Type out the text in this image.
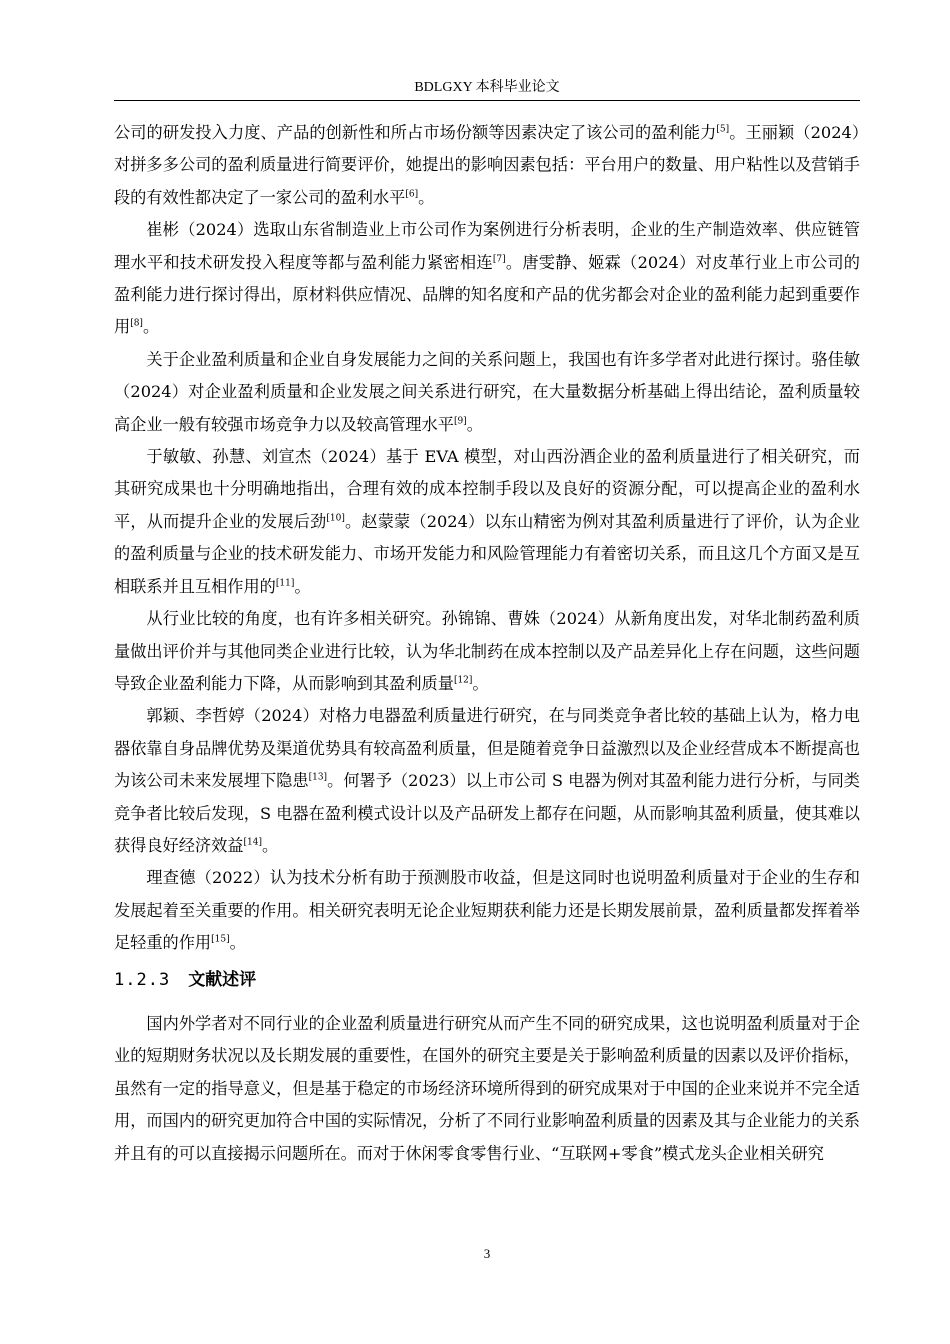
BDLGXY 本科毕业论文

公司的研发投入力度、产品的创新性和所占市场份额等因素决定了该公司的盈利能力[5]。王丽颖（2024）对拼多多公司的盈利质量进行简要评价，她提出的影响因素包括：平台用户的数量、用户粘性以及营销手段的有效性都决定了一家公司的盈利水平[6]。

崔彬（2024）选取山东省制造业上市公司作为案例进行分析表明，企业的生产制造效率、供应链管理水平和技术研发投入程度等都与盈利能力紧密相连[7]。唐雯静、姬霖（2024）对皮革行业上市公司的盈利能力进行探讨得出，原材料供应情况、品牌的知名度和产品的优劣都会对企业的盈利能力起到重要作用[8]。

关于企业盈利质量和企业自身发展能力之间的关系问题上，我国也有许多学者对此进行探讨。骆佳敏（2024）对企业盈利质量和企业发展之间关系进行研究，在大量数据分析基础上得出结论，盈利质量较高企业一般有较强市场竞争力以及较高管理水平[9]。

于敏敏、孙慧、刘宣杰（2024）基于 EVA 模型，对山西汾酒企业的盈利质量进行了相关研究，而其研究成果也十分明确地指出，合理有效的成本控制手段以及良好的资源分配，可以提高企业的盈利水平，从而提升企业的发展后劲[10]。赵蒙蒙（2024）以东山精密为例对其盈利质量进行了评价，认为企业的盈利质量与企业的技术研发能力、市场开发能力和风险管理能力有着密切关系，而且这几个方面又是互相联系并且互相作用的[11]。

从行业比较的角度，也有许多相关研究。孙锦锦、曹姝（2024）从新角度出发，对华北制药盈利质量做出评价并与其他同类企业进行比较，认为华北制药在成本控制以及产品差异化上存在问题，这些问题导致企业盈利能力下降，从而影响到其盈利质量[12]。

郭颖、李哲婷（2024）对格力电器盈利质量进行研究，在与同类竞争者比较的基础上认为，格力电器依靠自身品牌优势及渠道优势具有较高盈利质量，但是随着竞争日益激烈以及企业经营成本不断提高也为该公司未来发展埋下隐患[13]。何署予（2023）以上市公司 S 电器为例对其盈利能力进行分析，与同类竞争者比较后发现，S 电器在盈利模式设计以及产品研发上都存在问题，从而影响其盈利质量，使其难以获得良好经济效益[14]。

理查德（2022）认为技术分析有助于预测股市收益，但是这同时也说明盈利质量对于企业的生存和发展起着至关重要的作用。相关研究表明无论企业短期获利能力还是长期发展前景，盈利质量都发挥着举足轻重的作用[15]。

1.2.3 文献述评

国内外学者对不同行业的企业盈利质量进行研究从而产生不同的研究成果，这也说明盈利质量对于企业的短期财务状况以及长期发展的重要性，在国外的研究主要是关于影响盈利质量的因素以及评价指标，虽然有一定的指导意义，但是基于稳定的市场经济环境所得到的研究成果对于中国的企业来说并不完全适用，而国内的研究更加符合中国的实际情况，分析了不同行业影响盈利质量的因素及其与企业能力的关系并且有的可以直接揭示问题所在。而对于休闲零食零售行业、“互联网+零食”模式龙头企业相关研究

3
